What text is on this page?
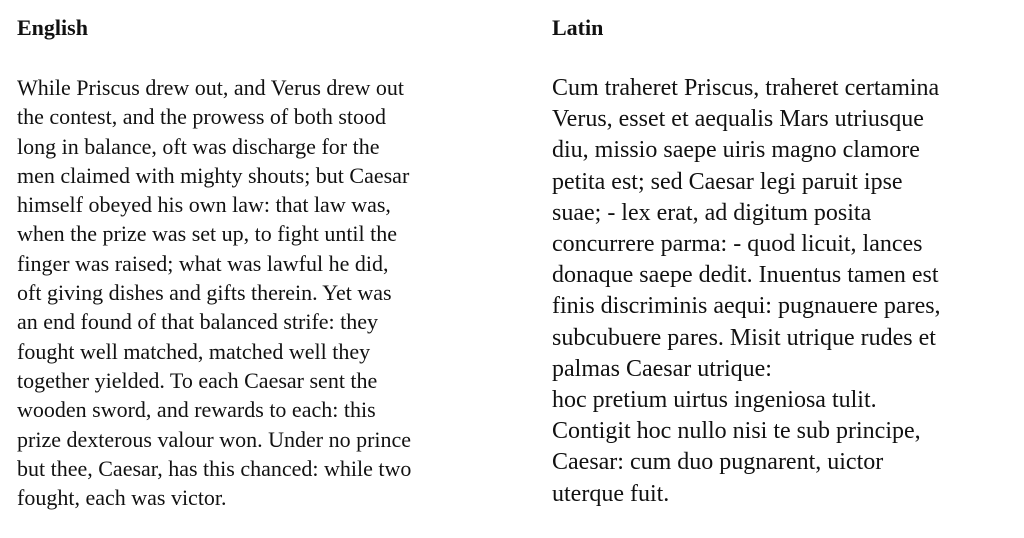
English
While Priscus drew out, and Verus drew out
the contest, and the prowess of both stood
long in balance, oft was discharge for the
men claimed with mighty shouts; but Caesar
himself obeyed his own law: that law was,
when the prize was set up, to fight until the
finger was raised; what was lawful he did,
oft giving dishes and gifts therein. Yet was
an end found of that balanced strife: they
fought well matched, matched well they
together yielded. To each Caesar sent the
wooden sword, and rewards to each: this
prize dexterous valour won. Under no prince
but thee, Caesar, has this chanced: while two
fought, each was victor.
Latin
Cum traheret Priscus, traheret certamina
Verus, esset et aequalis Mars utriusque
diu, missio saepe uiris magno clamore
petita est; sed Caesar legi paruit ipse
suae; - lex erat, ad digitum posita
concurrere parma: - quod licuit, lances
donaque saepe dedit. Inuentus tamen est
finis discriminis aequi: pugnauere pares,
subcubuere pares. Misit utrique rudes et
palmas Caesar utrique:
hoc pretium uirtus ingeniosa tulit.
Contigit hoc nullo nisi te sub principe,
Caesar: cum duo pugnarent, uictor
uterque fuit.
